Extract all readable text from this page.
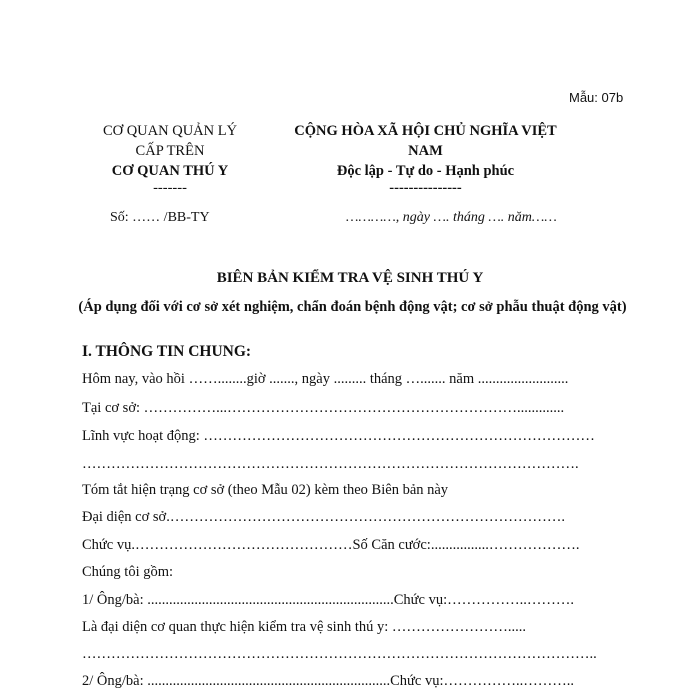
Mẫu: 07b
CƠ QUAN QUẢN LÝ
CẤP TRÊN
CƠ QUAN THÚ Y
-------
CỘNG HÒA XÃ HỘI CHỦ NGHĨA VIỆT
NAM
Độc lập - Tự do - Hạnh phúc
---------------
Số: …… /BB-TY	…………, ngày …. tháng …. năm……
BIÊN BẢN KIỂM TRA VỆ SINH THÚ Y
(Áp dụng đối với cơ sở xét nghiệm, chẩn đoán bệnh động vật; cơ sở phẫu thuật động vật)
I. THÔNG TIN CHUNG:
Hôm nay, vào hồi ……........giờ ......., ngày ......... tháng …....... năm .........................
Tại cơ sở: ……………...…………………………………………………….............
Lĩnh vực hoạt động: ………………………………………………………………………
………………………………………………………………………………………….
Tóm tắt hiện trạng cơ sở (theo Mẫu 02) kèm theo Biên bản này
Đại diện cơ sở.……………………………………………………………………….
Chức vụ.………………………………………Số Căn cước:................……………….
Chúng tôi gồm:
1/ Ông/bà: ....................................................................Chức vụ:……………..……….
Là đại diện cơ quan thực hiện kiểm tra vệ sinh thú y: …………………….....
……………………………………………………………………………………………..
2/ Ông/bà: ...................................................................Chức vụ:……………..………..
